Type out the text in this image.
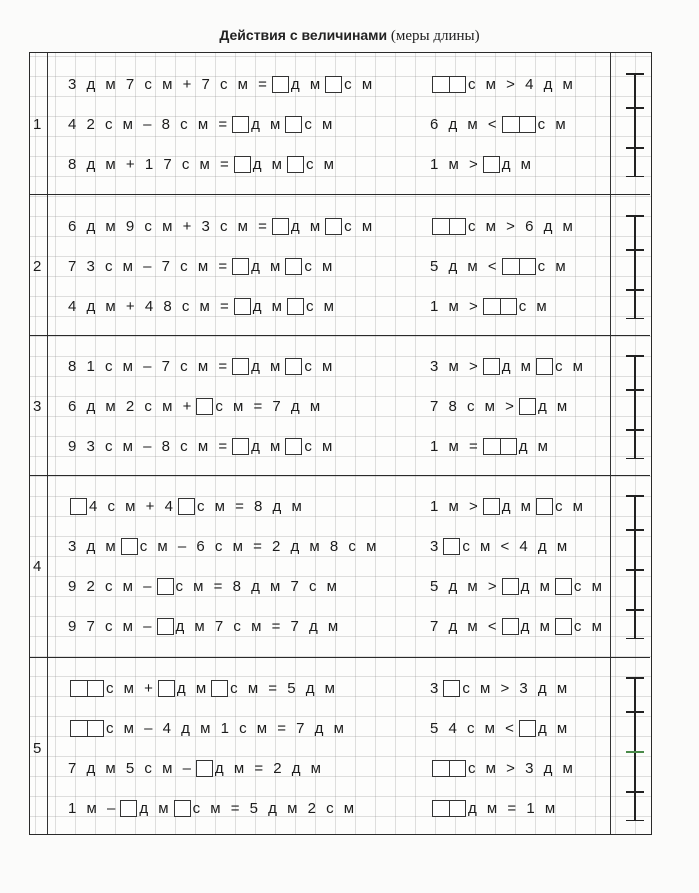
Действия с величинами (меры длины)
1
3 д м 7 с м + 7 с м =д мс м	с м > 4 д м
4 2 с м – 8 с м =д мс м	6 д м <	с м
8 д м + 1 7 с м =д мс м	1 м > д м
2
6 д м 9 с м + 3 с м =д мс м	с м > 6 д м
7 3 с м – 7 с м =д мс м	5 д м <	с м
4 д м + 4 8 с м =д мс м	1 м >	с м
3
8 1 с м – 7 с м =д мс м	3 м > д м с м
6 д м 2 с м +с м = 7 д м	7 8 с м > д м
9 3 с м – 8 с м =д мс м	1 м =	д м
4
4 с м + 4 с м = 8 д м	1 м > д м с м
3 д м с м – 6 с м = 2 д м 8 с м	3 с м < 4 д м
9 2 с м – с м = 8 д м 7 с м	5 д м > д м с м
9 7 с м – д м 7 с м = 7 д м	7 д м < д м с м
5
с м + д м с м = 5 д м	3 с м > 3 д м
с м – 4 д м 1 с м = 7 д м	5 4 с м < д м
7 д м 5 с м – д м = 2 д м	с м > 3 д м
1 м – д м с м = 5 д м 2 с м	д м = 1 м
